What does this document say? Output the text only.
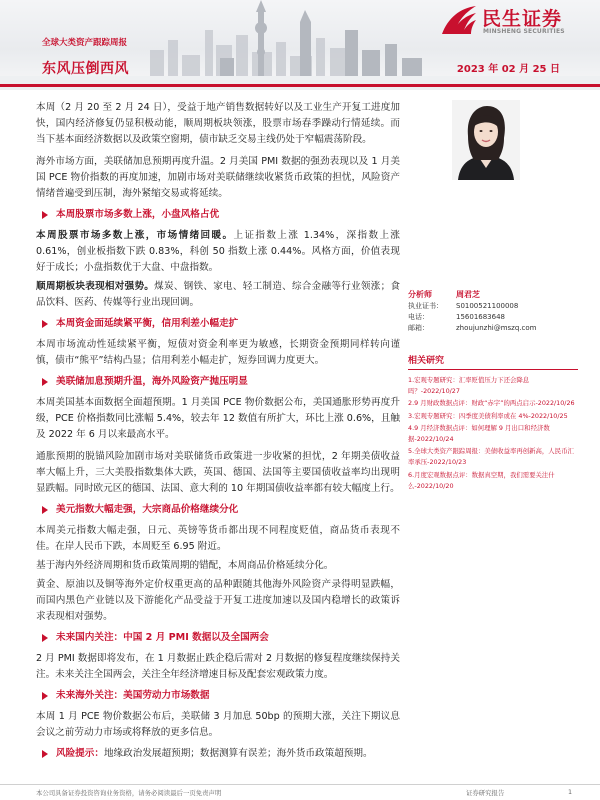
民生证券
MINSHENG SECURITIES
全球大类资产跟踪周报
东风压倒西风	2023 年 02 月 25 日

本周（2 月 20 至 2 月 24 日），受益于地产销售数据转好以及工业生产开复工进度加快，国内经济修复仍显积极动能，顺周期板块领涨，股票市场春季躁动行情延续。而当下基本面经济数据以及政策空窗期，债市缺乏交易主线仍处于窄幅震荡阶段。

海外市场方面，美联储加息预期再度升温。2 月美国 PMI 数据的强劲表现以及 1 月美国 PCE 物价指数的再度加速，加剧市场对美联储继续收紧货币政策的担忧，风险资产情绪普遍受到压制，海外紧缩交易或将延续。

本周股票市场多数上涨，小盘风格占优

本周股票市场多数上涨，市场情绪回暖。上证指数上涨 1.34%，深指数上涨 0.61%，创业板指数下跌 0.83%，科创 50 指数上涨 0.44%。风格方面，价值表现好于成长；小盘指数优于大盘、中盘指数。

顺周期板块表现相对强势。煤炭、钢铁、家电、轻工制造、综合金融等行业领涨；食品饮料、医药、传媒等行业出现回调。

本周资金面延续紧平衡，信用利差小幅走扩

本周市场流动性延续紧平衡，短债对资金利率更为敏感，长期资金预期同样转向谨慎，债市“熊平”结构凸显；信用利差小幅走扩，短券回调力度更大。

美联储加息预期升温，海外风险资产抛压明显

本周美国基本面数据全面超预期。1 月美国 PCE 物价数据公布，美国通胀形势再度升级，PCE 价格指数同比涨幅 5.4%，较去年 12 数值有所扩大，环比上涨 0.6%，且触及 2022 年 6 月以来最高水平。

通胀预期的脱锚风险加剧市场对美联储货币政策进一步收紧的担忧，2 年期美债收益率大幅上升，三大美股指数集体大跌，英国、德国、法国等主要国债收益率均出现明显跌幅。同时欧元区的德国、法国、意大利的 10 年期国债收益率都有较大幅度上行。

美元指数大幅走强，大宗商品价格继续分化

本周美元指数大幅走强，日元、英镑等货币都出现不同程度贬值，商品货币表现不佳。在岸人民币下跌，本周贬至 6.95 附近。

基于海内外经济周期和货币政策周期的错配，本周商品价格延续分化。

黄金、原油以及铜等海外定价权重更高的品种跟随其他海外风险资产录得明显跌幅，而国内黑色产业链以及下游能化产品受益于开复工进度加速以及国内稳增长的政策诉求表现相对强势。

未来国内关注：中国 2 月 PMI 数据以及全国两会

2 月 PMI 数据即将发布，在 1 月数据止跌企稳后需对 2 月数据的修复程度继续保持关注。未来关注全国两会，关注全年经济增速目标及配套宏观政策力度。

未来海外关注：美国劳动力市场数据

本周 1 月 PCE 物价数据公布后，美联储 3 月加息 50bp 的预期大涨，关注下期议息会议之前劳动力市场或将释放的更多信息。

风险提示： 地缘政治发展超预期；数据测算有误差；海外货币政策超预期。
分析师	周君芝
执业证书：	S0100521100008
电话：	15601683648
邮箱：	zhoujunzhi@mszq.com
相关研究
1.宏观专题研究：汇率贬值压力下还会降息吗？-2022/10/27
2.9 月财政数据点评：财政“赤字”的两点启示-2022/10/26
3.宏观专题研究：四季度美债利率或在 4%-2022/10/25
4.9 月经济数据点评：如何理解 9 月出口和经济数据-2022/10/24
5.全球大类资产跟踪周报：美债收益率再创新高，人民币汇率承压-2022/10/23
6.月度宏观数据点评：数据真空期，我们需要关注什么-2022/10/20
本公司具备证券投资咨询业务资格，请务必阅读最后一页免责声明	证券研究报告	1
